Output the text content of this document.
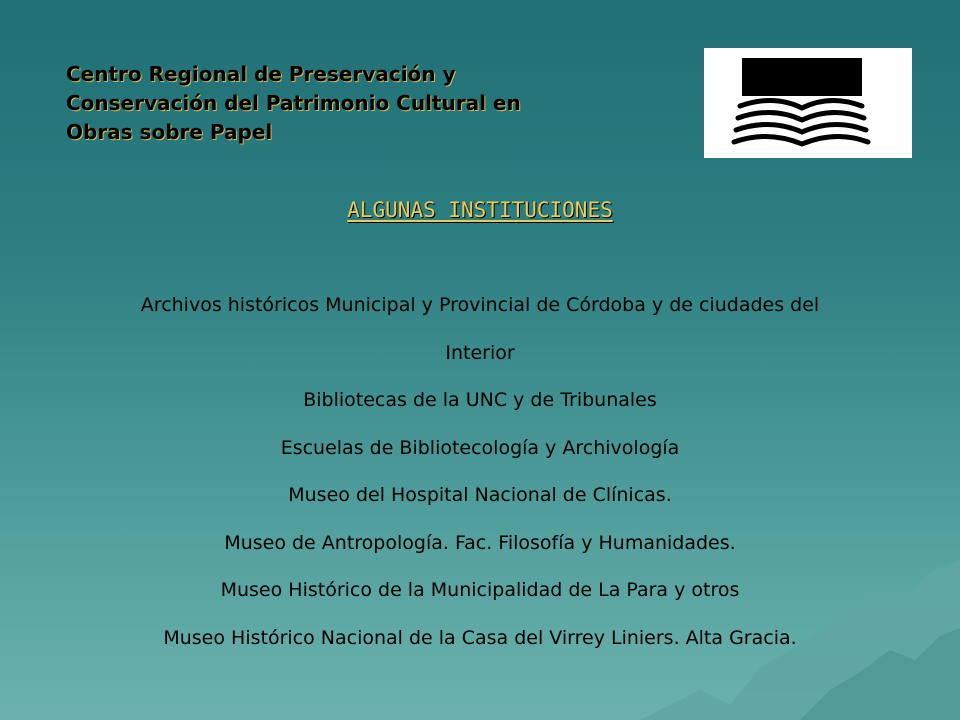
Centro Regional de Preservación y
Conservación del Patrimonio Cultural en
Obras sobre Papel
ALGUNAS INSTITUCIONES
Archivos históricos Municipal y Provincial de Córdoba y de ciudades del
Interior
Bibliotecas de la UNC y de Tribunales
Escuelas de Bibliotecología y Archivología
Museo del Hospital Nacional de Clínicas.
Museo de Antropología. Fac. Filosofía y Humanidades.
Museo Histórico de la Municipalidad de La Para y otros
Museo Histórico Nacional de la Casa del Virrey Liniers. Alta Gracia.
